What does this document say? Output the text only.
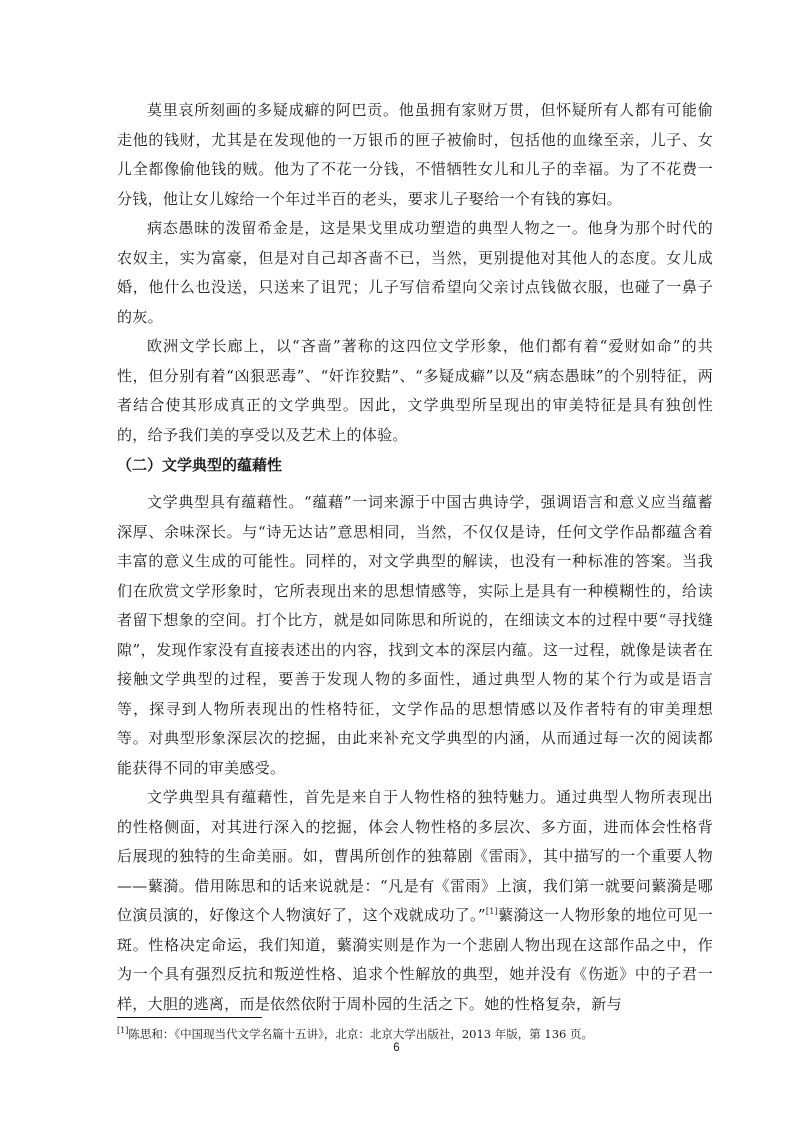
莫里哀所刻画的多疑成癖的阿巴贡。他虽拥有家财万贯，但怀疑所有人都有可能偷走他的钱财，尤其是在发现他的一万银币的匣子被偷时，包括他的血缘至亲，儿子、女儿全都像偷他钱的贼。他为了不花一分钱，不惜牺牲女儿和儿子的幸福。为了不花费一分钱，他让女儿嫁给一个年过半百的老头，要求儿子娶给一个有钱的寡妇。

病态愚昧的泼留希金是，这是果戈里成功塑造的典型人物之一。他身为那个时代的农奴主，实为富豪，但是对自己却吝啬不已，当然，更别提他对其他人的态度。女儿成婚，他什么也没送，只送来了诅咒；儿子写信希望向父亲讨点钱做衣服，也碰了一鼻子的灰。

欧洲文学长廊上，以“吝啬”著称的这四位文学形象，他们都有着“爱财如命”的共性，但分别有着“凶狠恶毒”、“奸诈狡黠”、“多疑成癖”以及“病态愚昧”的个别特征，两者结合使其形成真正的文学典型。因此，文学典型所呈现出的审美特征是具有独创性的，给予我们美的享受以及艺术上的体验。

（二）文学典型的蕴藉性

文学典型具有蕴藉性。“蕴藉”一词来源于中国古典诗学，强调语言和意义应当蕴蓄深厚、余味深长。与“诗无达诂”意思相同，当然，不仅仅是诗，任何文学作品都蕴含着丰富的意义生成的可能性。同样的，对文学典型的解读，也没有一种标准的答案。当我们在欣赏文学形象时，它所表现出来的思想情感等，实际上是具有一种模糊性的，给读者留下想象的空间。打个比方，就是如同陈思和所说的，在细读文本的过程中要“寻找缝隙”，发现作家没有直接表述出的内容，找到文本的深层内蕴。这一过程，就像是读者在接触文学典型的过程，要善于发现人物的多面性，通过典型人物的某个行为或是语言等，探寻到人物所表现出的性格特征，文学作品的思想情感以及作者特有的审美理想等。对典型形象深层次的挖掘，由此来补充文学典型的内涵，从而通过每一次的阅读都能获得不同的审美感受。

文学典型具有蕴藉性，首先是来自于人物性格的独特魅力。通过典型人物所表现出的性格侧面，对其进行深入的挖掘，体会人物性格的多层次、多方面，进而体会性格背后展现的独特的生命美丽。如，曹禺所创作的独幕剧《雷雨》，其中描写的一个重要人物——蘩漪。借用陈思和的话来说就是：“凡是有《雷雨》上演，我们第一就要问蘩漪是哪位演员演的，好像这个人物演好了，这个戏就成功了。”[1]蘩漪这一人物形象的地位可见一斑。性格决定命运，我们知道，蘩漪实则是作为一个悲剧人物出现在这部作品之中，作为一个具有强烈反抗和叛逆性格、追求个性解放的典型，她并没有《伤逝》中的子君一样，大胆的逃离，而是依然依附于周朴园的生活之下。她的性格复杂，新与

[1]陈思和：《中国现当代文学名篇十五讲》，北京：北京大学出版社，2013 年版，第 136 页。
6
